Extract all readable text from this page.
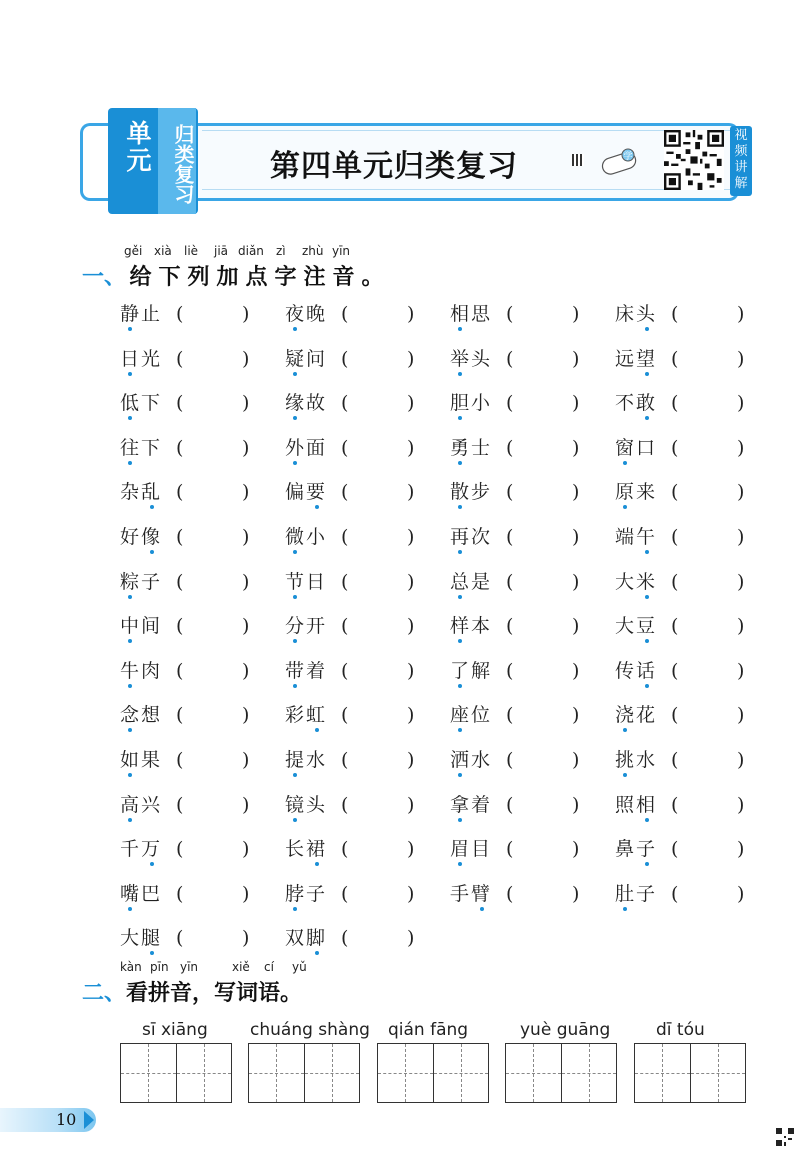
单元 归类复习	第四单元归类复习	学
视频讲解
gěi xià liè jiā diǎn zì zhù yīn
一、 给 下 列 加 点 字 注 音 。
静止 (	) 夜晚 (	) 相思 (	) 床头 (	)
日光 (	) 疑问 (	) 举头 (	) 远望 (	)
低下 (	) 缘故 (	) 胆小 (	) 不敢 (	)
往下 (	) 外面 (	) 勇士 (	) 窗口 (	)
杂乱 (	) 偏要 (	) 散步 (	) 原来 (	)
好像 (	) 微小 (	) 再次 (	) 端午 (	)
粽子 (	) 节日 (	) 总是 (	) 大米 (	)
中间 (	) 分开 (	) 样本 (	) 大豆 (	)
牛肉 (	) 带着 (	) 了解 (	) 传话 (	)
念想 (	) 彩虹 (	) 座位 (	) 浇花 (	)
如果 (	) 提水 (	) 洒水 (	) 挑水 (	)
高兴 (	) 镜头 (	) 拿着 (	) 照相 (	)
千万 (	) 长裙 (	) 眉目 (	) 鼻子 (	)
嘴巴 (	) 脖子 (	) 手臂 (	) 肚子 (	)
大腿 (	) 双脚 (	)
kàn pīn yīn	xiě cí yǔ
二、看拼音，写词语。
sī xiāng chuáng shàng qián fāng	yuè guāng	dī tóu
10
